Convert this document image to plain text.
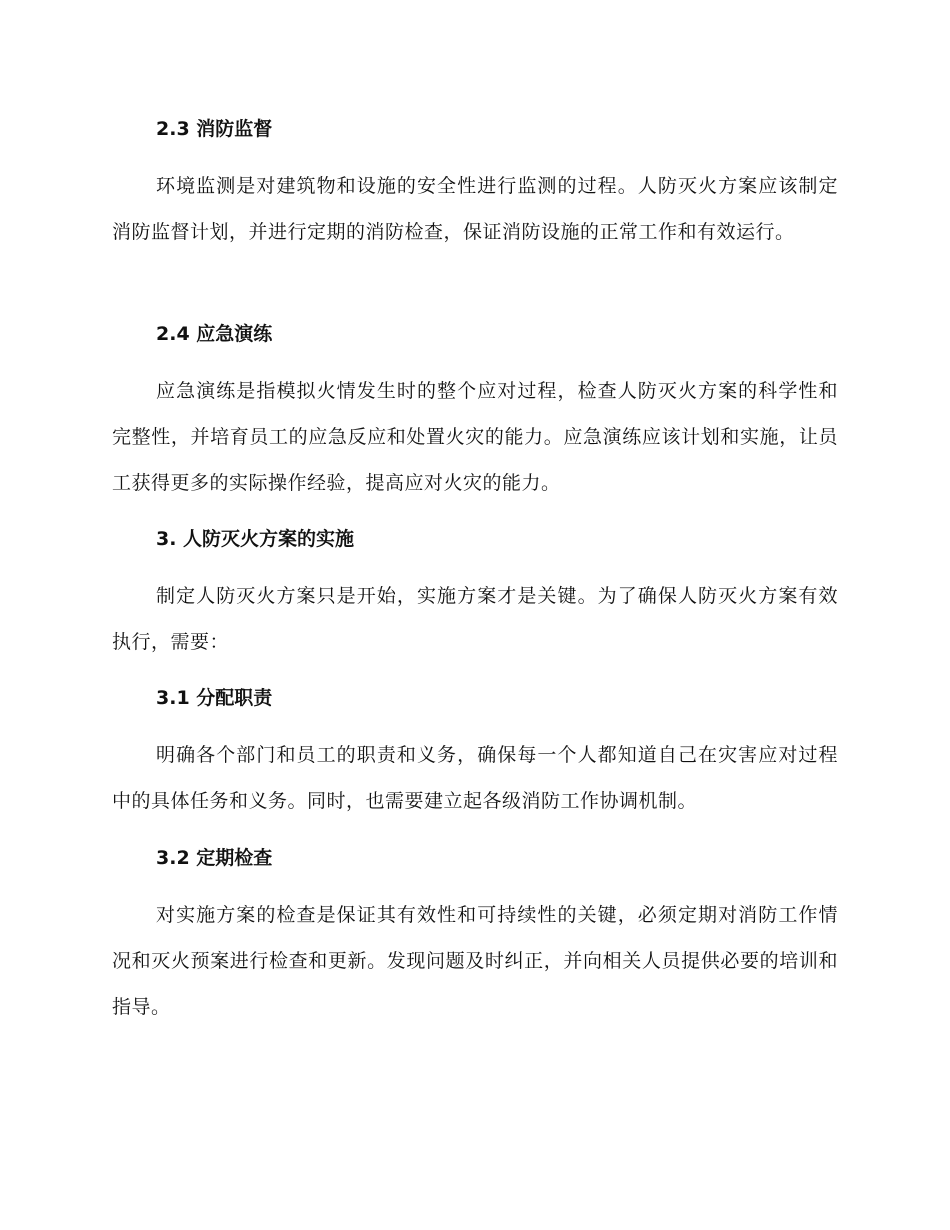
2.3 消防监督
环境监测是对建筑物和设施的安全性进行监测的过程。人防灭火方案应该制定消防监督计划，并进行定期的消防检查，保证消防设施的正常工作和有效运行。
2.4 应急演练
应急演练是指模拟火情发生时的整个应对过程，检查人防灭火方案的科学性和完整性，并培育员工的应急反应和处置火灾的能力。应急演练应该计划和实施，让员工获得更多的实际操作经验，提高应对火灾的能力。
3. 人防灭火方案的实施
制定人防灭火方案只是开始，实施方案才是关键。为了确保人防灭火方案有效执行，需要：
3.1 分配职责
明确各个部门和员工的职责和义务，确保每一个人都知道自己在灾害应对过程中的具体任务和义务。同时，也需要建立起各级消防工作协调机制。
3.2 定期检查
对实施方案的检查是保证其有效性和可持续性的关键，必须定期对消防工作情况和灭火预案进行检查和更新。发现问题及时纠正，并向相关人员提供必要的培训和指导。
